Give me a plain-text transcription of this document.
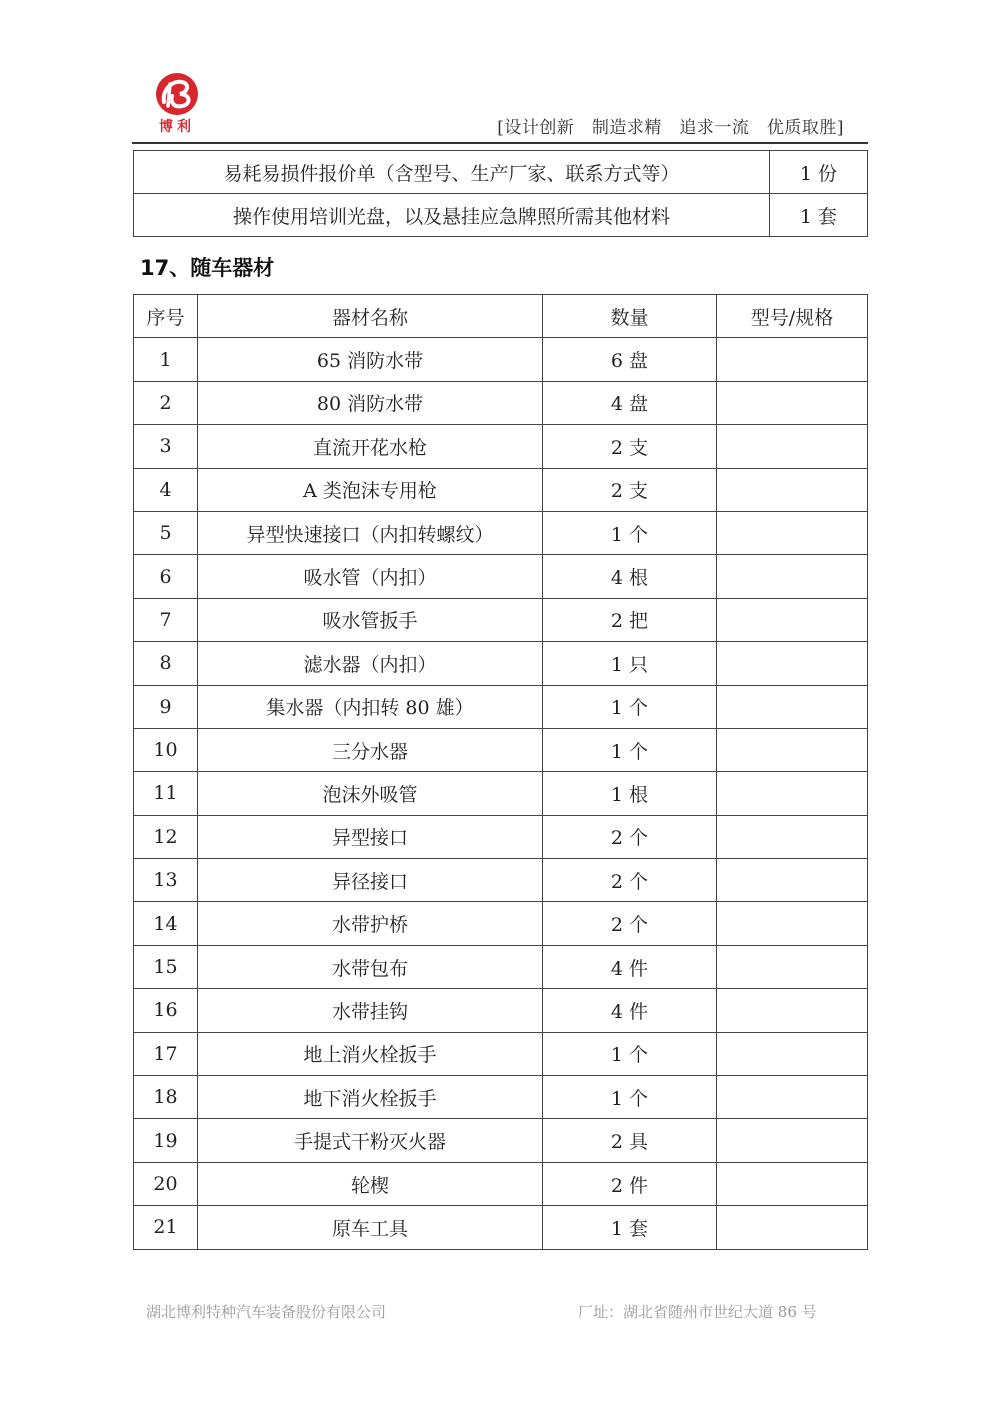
博利	[设计创新　制造求精　追求一流　优质取胜]
易耗易损件报价单（含型号、生产厂家、联系方式等）	1 份
操作使用培训光盘，以及悬挂应急牌照所需其他材料	1 套
17、随车器材
序号	器材名称	数量	型号/规格
1	65 消防水带	6 盘	
2	80 消防水带	4 盘	
3	直流开花水枪	2 支	
4	A 类泡沫专用枪	2 支	
5	异型快速接口（内扣转螺纹）	1 个	
6	吸水管（内扣）	4 根	
7	吸水管扳手	2 把	
8	滤水器（内扣）	1 只	
9	集水器（内扣转 80 雄）	1 个	
10	三分水器	1 个	
11	泡沫外吸管	1 根	
12	异型接口	2 个	
13	异径接口	2 个	
14	水带护桥	2 个	
15	水带包布	4 件	
16	水带挂钩	4 件	
17	地上消火栓扳手	1 个	
18	地下消火栓扳手	1 个	
19	手提式干粉灭火器	2 具	
20	轮楔	2 件	
21	原车工具	1 套	
湖北博利特种汽车装备股份有限公司	厂址：湖北省随州市世纪大道 86 号
